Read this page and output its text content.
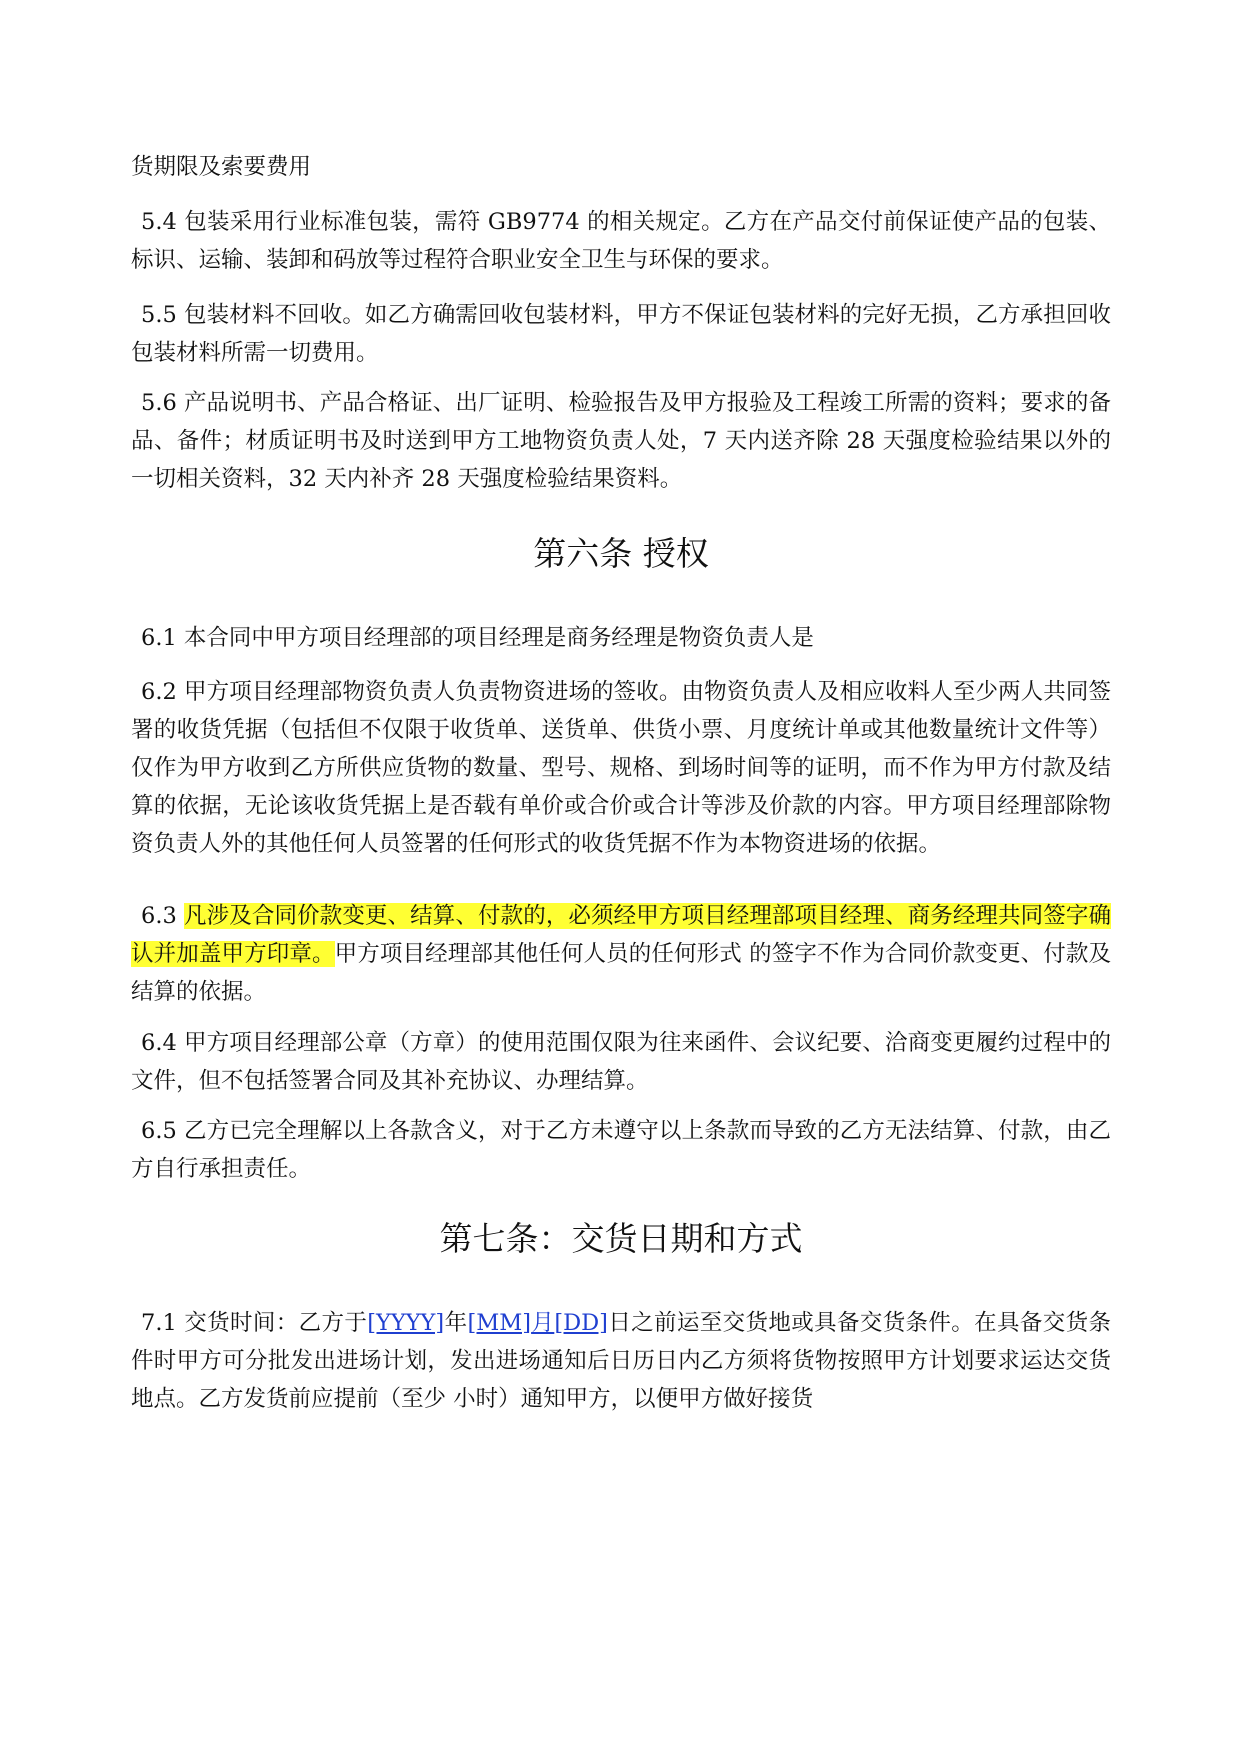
货期限及索要费用

5.4 包装采用行业标准包装，需符 GB9774 的相关规定。乙方在产品交付前保证使产品的包装、标识、运输、装卸和码放等过程符合职业安全卫生与环保的要求。

5.5 包装材料不回收。如乙方确需回收包装材料，甲方不保证包装材料的完好无损，乙方承担回收包装材料所需一切费用。

5.6 产品说明书、产品合格证、出厂证明、检验报告及甲方报验及工程竣工所需的资料；要求的备品、备件；材质证明书及时送到甲方工地物资负责人处，7 天内送齐除 28 天强度检验结果以外的一切相关资料，32 天内补齐 28 天强度检验结果资料。

第六条 授权

6.1 本合同中甲方项目经理部的项目经理是商务经理是物资负责人是

6.2 甲方项目经理部物资负责人负责物资进场的签收。由物资负责人及相应收料人至少两人共同签署的收货凭据（包括但不仅限于收货单、送货单、供货小票、月度统计单或其他数量统计文件等）仅作为甲方收到乙方所供应货物的数量、型号、规格、到场时间等的证明，而不作为甲方付款及结算的依据，无论该收货凭据上是否载有单价或合价或合计等涉及价款的内容。甲方项目经理部除物资负责人外的其他任何人员签署的任何形式的收货凭据不作为本物资进场的依据。

6.3 凡涉及合同价款变更、结算、付款的，必须经甲方项目经理部项目经理、商务经理共同签字确认并加盖甲方印章。甲方项目经理部其他任何人员的任何形式 的签字不作为合同价款变更、付款及结算的依据。

6.4 甲方项目经理部公章（方章）的使用范围仅限为往来函件、会议纪要、洽商变更履约过程中的文件，但不包括签署合同及其补充协议、办理结算。

6.5 乙方已完全理解以上各款含义，对于乙方未遵守以上条款而导致的乙方无法结算、付款，由乙方自行承担责任。

第七条：交货日期和方式

7.1 交货时间：乙方于[YYYY]年[MM]月[DD]日之前运至交货地或具备交货条件。在具备交货条件时甲方可分批发出进场计划，发出进场通知后日历日内乙方须将货物按照甲方计划要求运达交货地点。乙方发货前应提前（至少 小时）通知甲方，以便甲方做好接货
